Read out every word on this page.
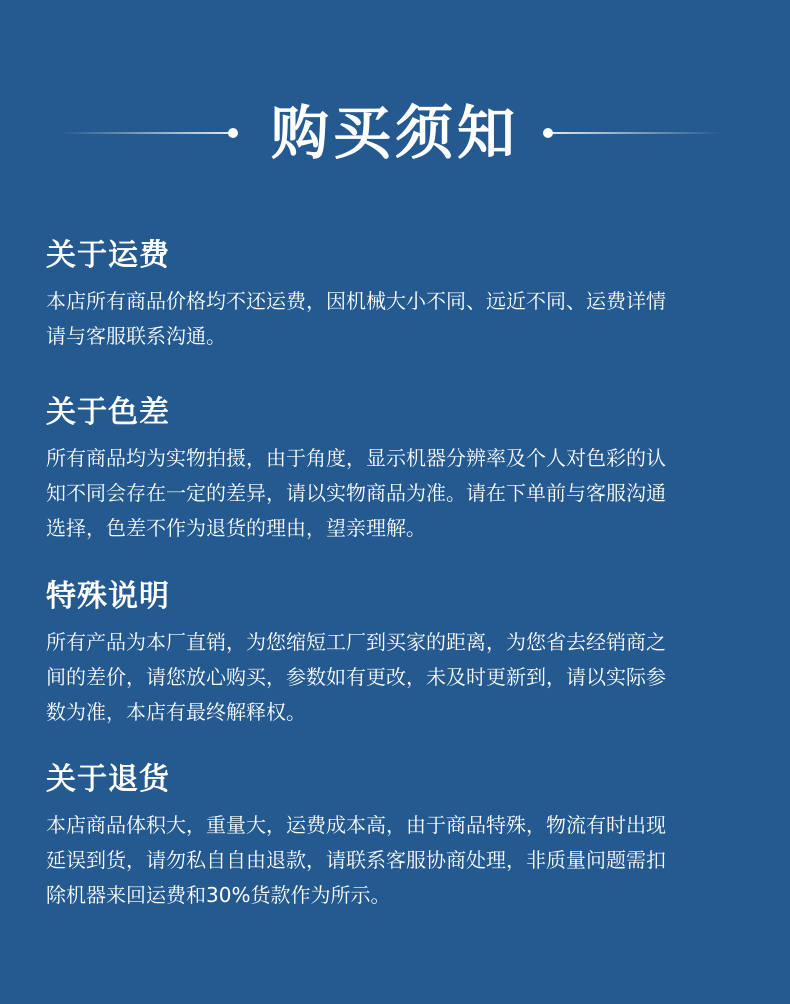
购买须知
关于运费

本店所有商品价格均不还运费，因机械大小不同、远近不同、运费详情
请与客服联系沟通。

关于色差

所有商品均为实物拍摄，由于角度，显示机器分辨率及个人对色彩的认
知不同会存在一定的差异，请以实物商品为准。请在下单前与客服沟通
选择，色差不作为退货的理由，望亲理解。

特殊说明

所有产品为本厂直销，为您缩短工厂到买家的距离，为您省去经销商之
间的差价，请您放心购买，参数如有更改，未及时更新到，请以实际参
数为准，本店有最终解释权。

关于退货

本店商品体积大，重量大，运费成本高，由于商品特殊，物流有时出现
延误到货，请勿私自自由退款，请联系客服协商处理，非质量问题需扣
除机器来回运费和30%货款作为所示。
